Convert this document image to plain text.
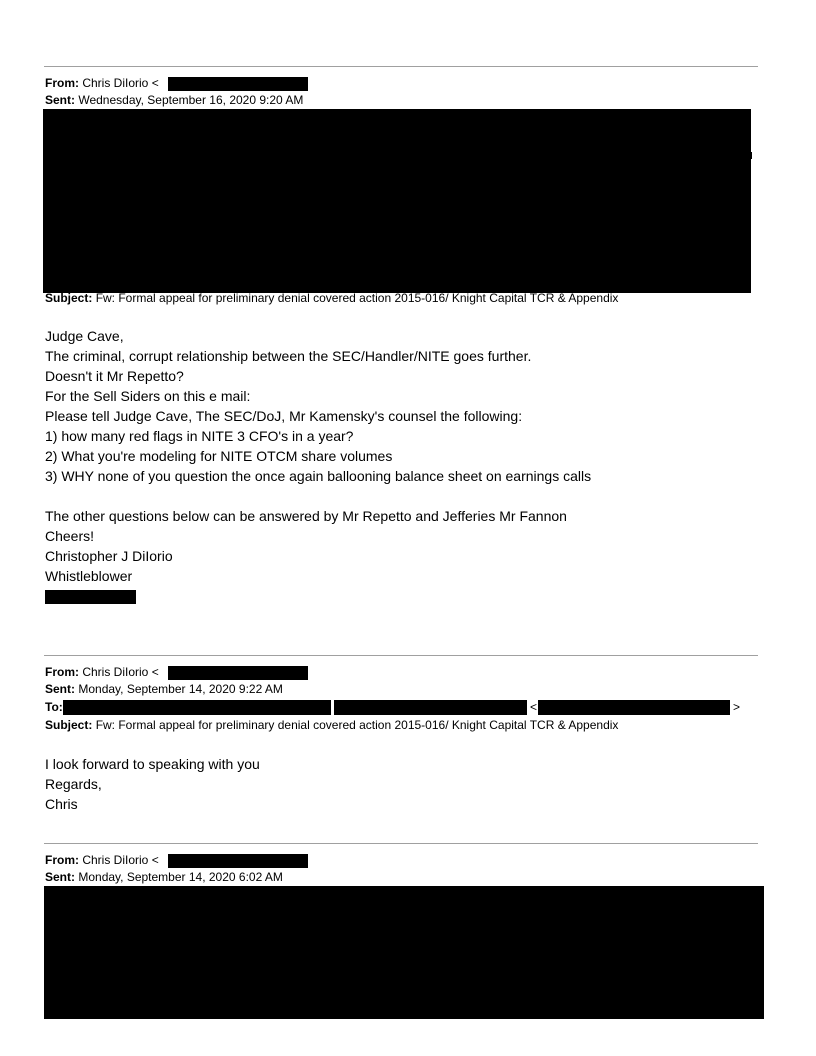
From: Chris DiIorio <
Sent: Wednesday, September 16, 2020 9:20 AM
Subject: Fw: Formal appeal for preliminary denial covered action 2015-016/ Knight Capital TCR & Appendix
Judge Cave,
The criminal, corrupt relationship between the SEC/Handler/NITE goes further.
Doesn't it Mr Repetto?
For the Sell Siders on this e mail:
Please tell Judge Cave, The SEC/DoJ, Mr Kamensky's counsel the following:
1) how many red flags in NITE 3 CFO's in a year?
2) What you're modeling for NITE OTCM share volumes
3) WHY none of you question the once again ballooning balance sheet on earnings calls
The other questions below can be answered by Mr Repetto and Jefferies Mr Fannon
Cheers!
Christopher J DiIorio
Whistleblower
From: Chris DiIorio <
Sent: Monday, September 14, 2020 9:22 AM
To:	<	>
Subject: Fw: Formal appeal for preliminary denial covered action 2015-016/ Knight Capital TCR & Appendix
I look forward to speaking with you
Regards,
Chris
From: Chris DiIorio <
Sent: Monday, September 14, 2020 6:02 AM
